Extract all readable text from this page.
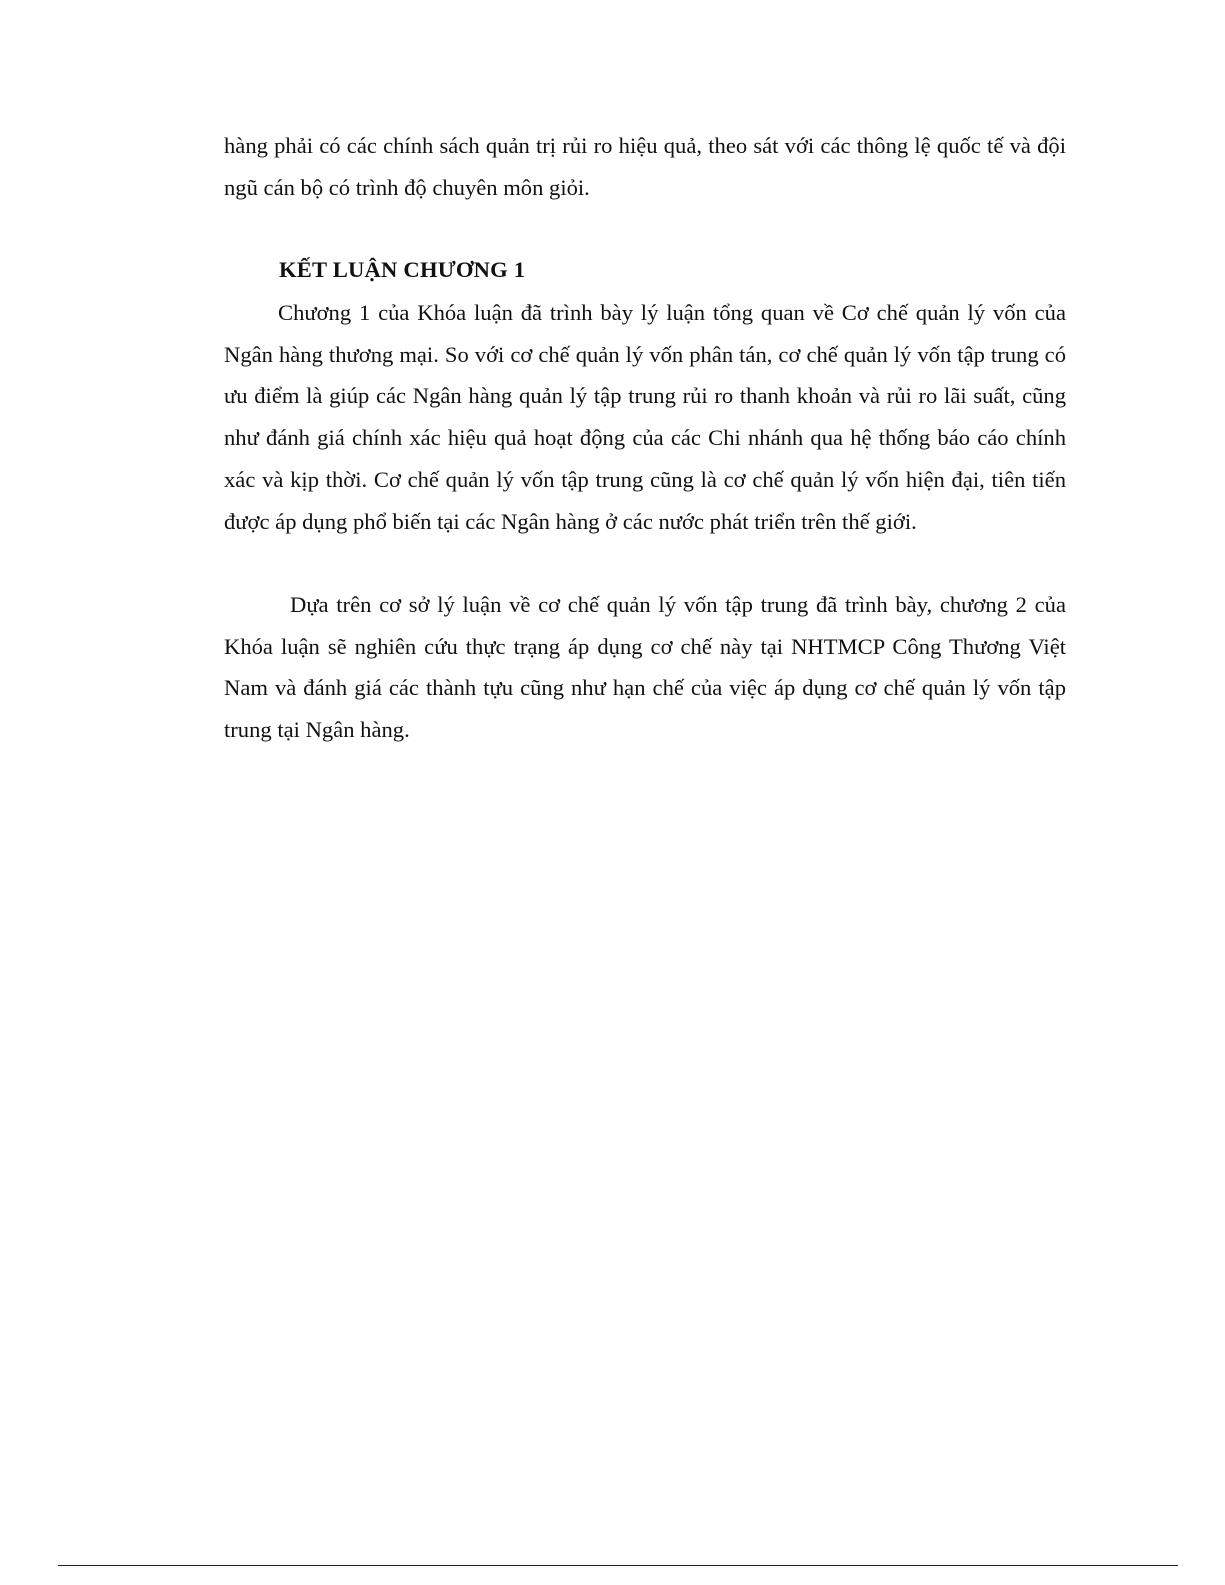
hàng phải có các chính sách quản trị rủi ro hiệu quả, theo sát với các thông lệ quốc tế và đội ngũ cán bộ có trình độ chuyên môn giỏi.

KẾT LUẬN CHƯƠNG 1

Chương 1 của Khóa luận đã trình bày lý luận tổng quan về Cơ chế quản lý vốn của Ngân hàng thương mại. So với cơ chế quản lý vốn phân tán, cơ chế quản lý vốn tập trung có ưu điểm là giúp các Ngân hàng quản lý tập trung rủi ro thanh khoản và rủi ro lãi suất, cũng như đánh giá chính xác hiệu quả hoạt động của các Chi nhánh qua hệ thống báo cáo chính xác và kịp thời. Cơ chế quản lý vốn tập trung cũng là cơ chế quản lý vốn hiện đại, tiên tiến được áp dụng phổ biến tại các Ngân hàng ở các nước phát triển trên thế giới.

Dựa trên cơ sở lý luận về cơ chế quản lý vốn tập trung đã trình bày, chương 2 của Khóa luận sẽ nghiên cứu thực trạng áp dụng cơ chế này tại NHTMCP Công Thương Việt Nam và đánh giá các thành tựu cũng như hạn chế của việc áp dụng cơ chế quản lý vốn tập trung tại Ngân hàng.
